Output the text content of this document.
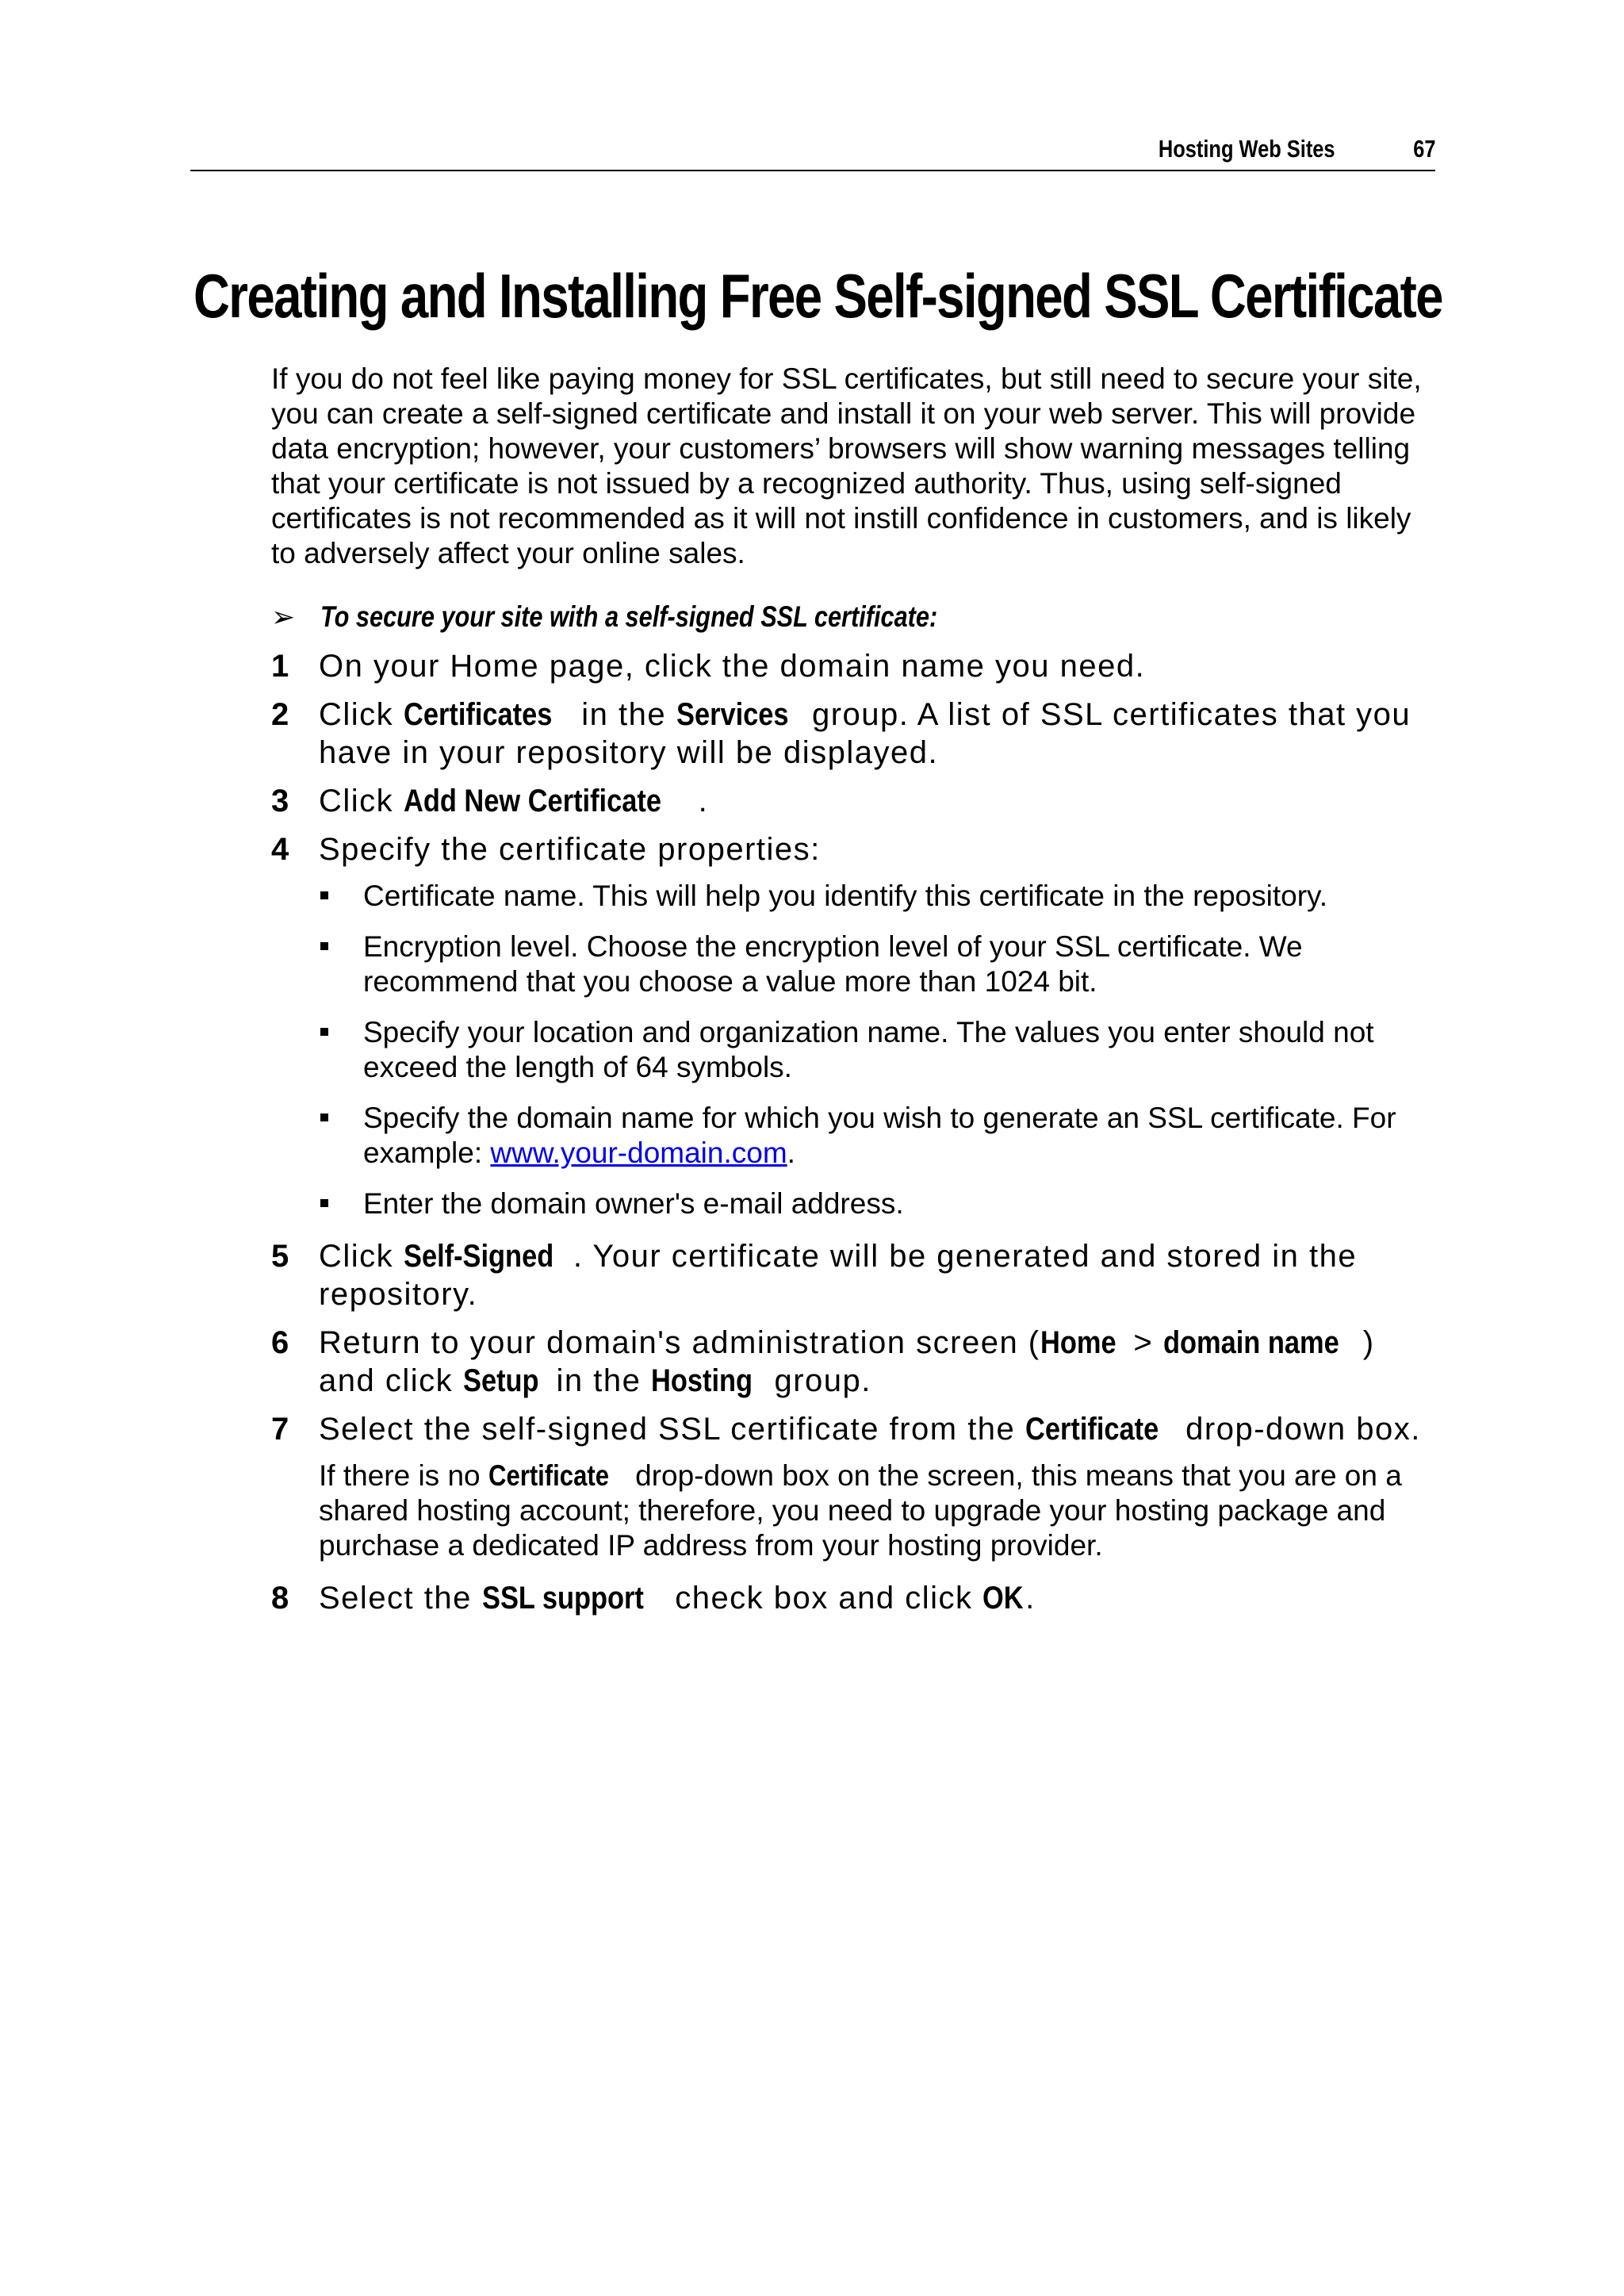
Hosting Web Sites	67
Creating and Installing Free Self-signed SSL Certificate

If you do not feel like paying money for SSL certificates, but still need to secure your site, you can create a self-signed certificate and install it on your web server. This will provide data encryption; however, your customers’ browsers will show warning messages telling that your certificate is not issued by a recognized authority. Thus, using self-signed certificates is not recommended as it will not instill confidence in customers, and is likely to adversely affect your online sales.

➢ To secure your site with a self-signed SSL certificate:
1 On your Home page, click the domain name you need.
2 Click Certificates in the Services group. A list of SSL certificates that you have in your repository will be displayed.
3 Click Add New Certificate .
4 Specify the certificate properties:
Certificate name. This will help you identify this certificate in the repository.
Encryption level. Choose the encryption level of your SSL certificate. We recommend that you choose a value more than 1024 bit.
Specify your location and organization name. The values you enter should not exceed the length of 64 symbols.
Specify the domain name for which you wish to generate an SSL certificate. For example: www.your-domain.com.
Enter the domain owner's e-mail address.
5 Click Self-Signed . Your certificate will be generated and stored in the repository.
6 Return to your domain's administration screen (Home > domain name ) and click Setup in the Hosting group.
7 Select the self-signed SSL certificate from the Certificate drop-down box.

If there is no Certificate drop-down box on the screen, this means that you are on a shared hosting account; therefore, you need to upgrade your hosting package and purchase a dedicated IP address from your hosting provider.

8 Select the SSL support check box and click OK.
